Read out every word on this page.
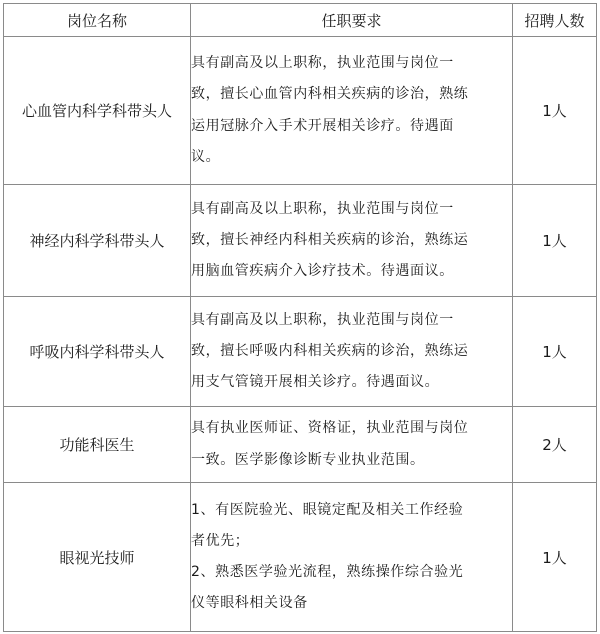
岗位名称	任职要求	招聘人数
心血管内科学科带头人	具有副高及以上职称，执业范围与岗位一
致，擅长心血管内科相关疾病的诊治，熟练
运用冠脉介入手术开展相关诊疗。待遇面
议。	1人
神经内科学科带头人	具有副高及以上职称，执业范围与岗位一
致，擅长神经内科相关疾病的诊治，熟练运
用脑血管疾病介入诊疗技术。待遇面议。	1人
呼吸内科学科带头人	具有副高及以上职称，执业范围与岗位一
致，擅长呼吸内科相关疾病的诊治，熟练运
用支气管镜开展相关诊疗。待遇面议。	1人
功能科医生	具有执业医师证、资格证，执业范围与岗位
一致。医学影像诊断专业执业范围。	2人
眼视光技师	1、有医院验光、眼镜定配及相关工作经验
者优先；
2、熟悉医学验光流程，熟练操作综合验光
仪等眼科相关设备	1人
